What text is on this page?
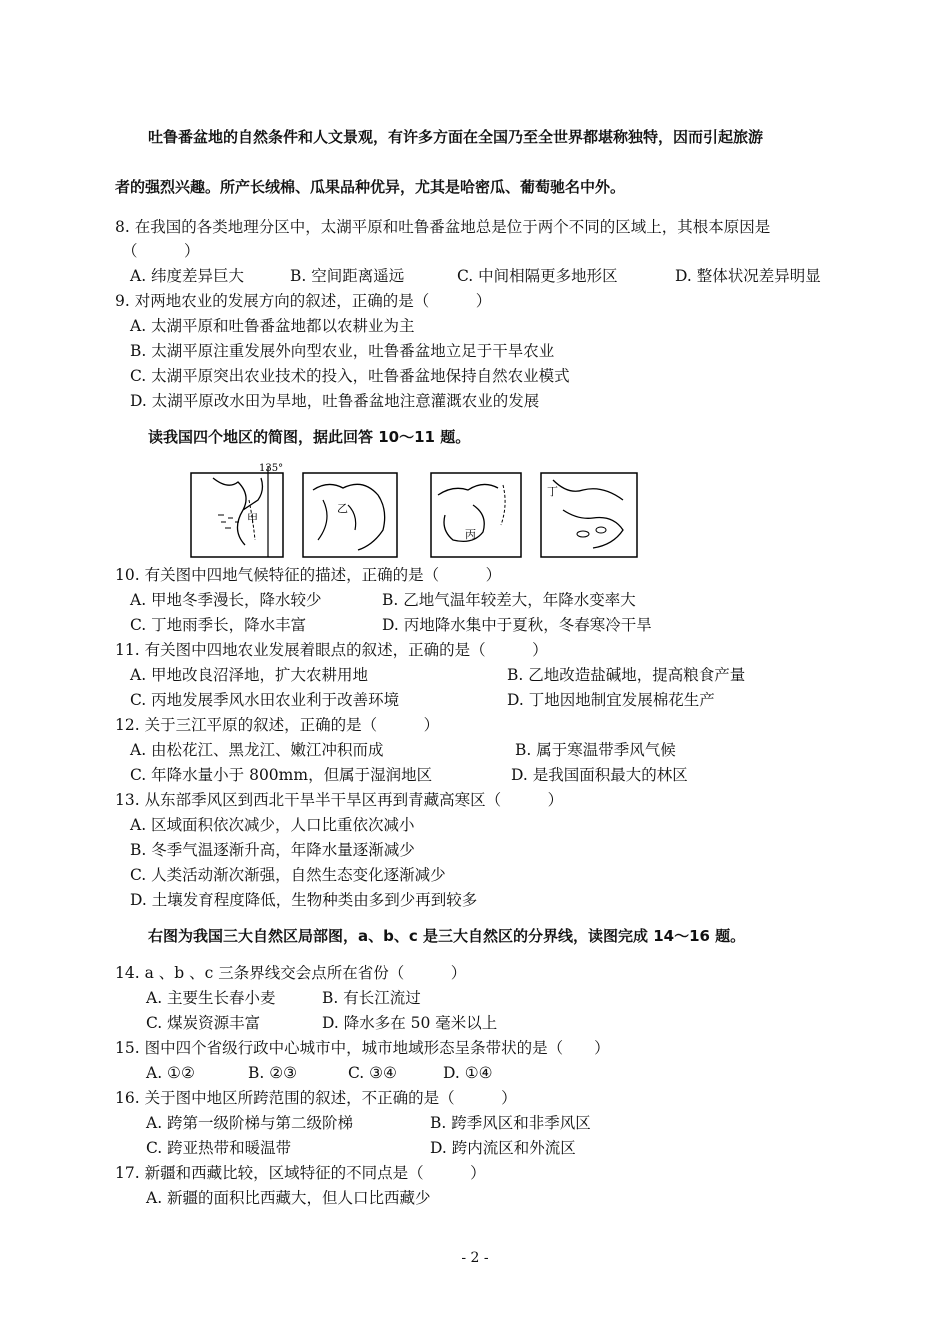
吐鲁番盆地的自然条件和人文景观，有许多方面在全国乃至全世界都堪称独特，因而引起旅游
者的强烈兴趣。所产长绒棉、瓜果品种优异，尤其是哈密瓜、葡萄驰名中外。
8. 在我国的各类地理分区中，太湖平原和吐鲁番盆地总是位于两个不同的区域上，其根本原因是
（　　　）
A. 纬度差异巨大	B. 空间距离遥远	C. 中间相隔更多地形区	D. 整体状况差异明显
9. 对两地农业的发展方向的叙述，正确的是（　　　）
A. 太湖平原和吐鲁番盆地都以农耕业为主
B. 太湖平原注重发展外向型农业，吐鲁番盆地立足于干旱农业
C. 太湖平原突出农业技术的投入，吐鲁番盆地保持自然农业模式
D. 太湖平原改水田为旱地，吐鲁番盆地注意灌溉农业的发展
读我国四个地区的简图，据此回答 10～11 题。
135°
甲
乙
丙
丁
10. 有关图中四地气候特征的描述，正确的是（　　　）
A. 甲地冬季漫长，降水较少	B. 乙地气温年较差大，年降水变率大
C. 丁地雨季长，降水丰富	D. 丙地降水集中于夏秋，冬春寒冷干旱
11. 有关图中四地农业发展着眼点的叙述，正确的是（　　　）
A. 甲地改良沼泽地，扩大农耕用地	B. 乙地改造盐碱地，提高粮食产量
C. 丙地发展季风水田农业利于改善环境	D. 丁地因地制宜发展棉花生产
12. 关于三江平原的叙述，正确的是（　　　）
A. 由松花江、黑龙江、嫩江冲积而成	B. 属于寒温带季风气候
C. 年降水量小于 800mm，但属于湿润地区	D. 是我国面积最大的林区
13. 从东部季风区到西北干旱半干旱区再到青藏高寒区（　　　）
A. 区域面积依次减少，人口比重依次减小
B. 冬季气温逐渐升高，年降水量逐渐减少
C. 人类活动渐次渐强，自然生态变化逐渐减少
D. 土壤发育程度降低，生物种类由多到少再到较多
右图为我国三大自然区局部图，a、b、c 是三大自然区的分界线，读图完成 14～16 题。
14. a 、b 、c 三条界线交会点所在省份（　　　）
A. 主要生长春小麦	B. 有长江流过
C. 煤炭资源丰富	D. 降水多在 50 毫米以上
15. 图中四个省级行政中心城市中，城市地域形态呈条带状的是（　　）
A. ①②	B. ②③	C. ③④	D. ①④
16. 关于图中地区所跨范围的叙述，不正确的是（　　　）
A. 跨第一级阶梯与第二级阶梯	B. 跨季风区和非季风区
C. 跨亚热带和暖温带	D. 跨内流区和外流区
17. 新疆和西藏比较，区域特征的不同点是（　　　）
A. 新疆的面积比西藏大，但人口比西藏少
- 2 -
